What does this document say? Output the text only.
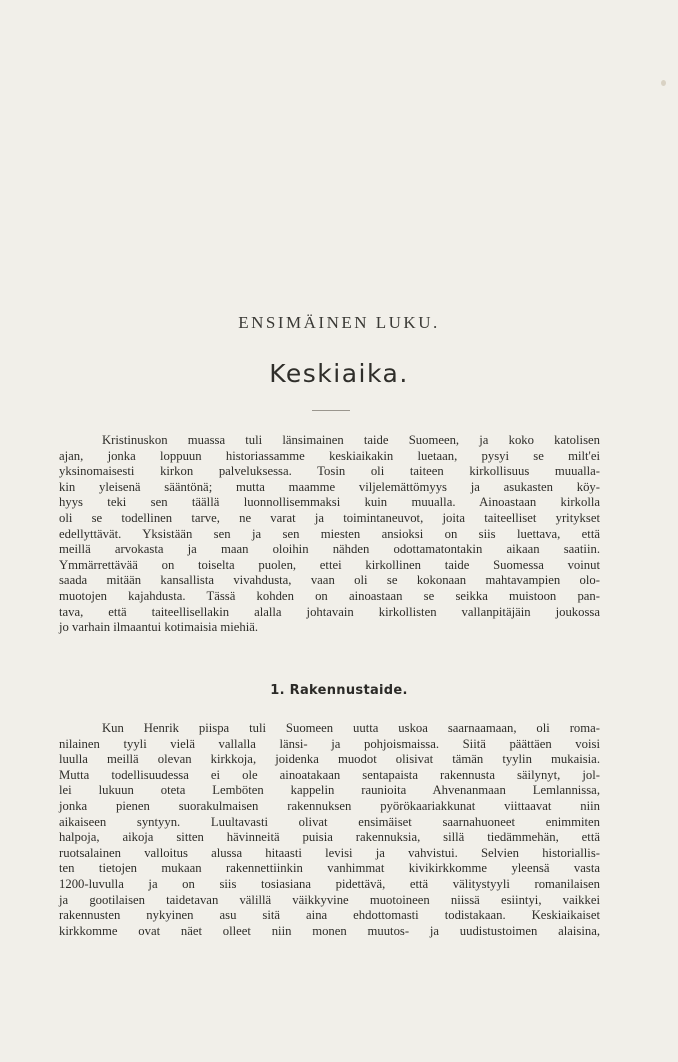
ENSIMÄINEN LUKU.
Keskiaika.
Kristinuskon muassa tuli länsimainen taide Suomeen, ja koko katolisen
ajan, jonka loppuun historiassamme keskiaikakin luetaan, pysyi se milt'ei
yksinomaisesti kirkon palveluksessa. Tosin oli taiteen kirkollisuus muualla-
kin yleisenä sääntönä; mutta maamme viljelemättömyys ja asukasten köy-
hyys teki sen täällä luonnollisemmaksi kuin muualla. Ainoastaan kirkolla
oli se todellinen tarve, ne varat ja toimintaneuvot, joita taiteelliset yritykset
edellyttävät. Yksistään sen ja sen miesten ansioksi on siis luettava, että
meillä arvokasta ja maan oloihin nähden odottamatontakin aikaan saatiin.
Ymmärrettävää on toiselta puolen, ettei kirkollinen taide Suomessa voinut
saada mitään kansallista vivahdusta, vaan oli se kokonaan mahtavampien olo-
muotojen kajahdusta. Tässä kohden on ainoastaan se seikka muistoon pan-
tava, että taiteellisellakin alalla johtavain kirkollisten vallanpitäjäin joukossa
jo varhain ilmaantui kotimaisia miehiä.
1. Rakennustaide.
Kun Henrik piispa tuli Suomeen uutta uskoa saarnaamaan, oli roma-
nilainen tyyli vielä vallalla länsi- ja pohjoismaissa. Siitä päättäen voisi
luulla meillä olevan kirkkoja, joidenka muodot olisivat tämän tyylin mukaisia.
Mutta todellisuudessa ei ole ainoatakaan sentapaista rakennusta säilynyt, jol-
lei lukuun oteta Lemböten kappelin raunioita Ahvenanmaan Lemlannissa,
jonka pienen suorakulmaisen rakennuksen pyörökaariakkunat viittaavat niin
aikaiseen syntyyn. Luultavasti olivat ensimäiset saarnahuoneet enimmiten
halpoja, aikoja sitten hävinneitä puisia rakennuksia, sillä tiedämmehän, että
ruotsalainen valloitus alussa hitaasti levisi ja vahvistui. Selvien historiallis-
ten tietojen mukaan rakennettiinkin vanhimmat kivikirkkomme yleensä vasta
1200-luvulla ja on siis tosiasiana pidettävä, että välitystyyli romanilaisen
ja gootilaisen taidetavan välillä väikkyvine muotoineen niissä esiintyi, vaikkei
rakennusten nykyinen asu sitä aina ehdottomasti todistakaan. Keskiaikaiset
kirkkomme ovat näet olleet niin monen muutos- ja uudistustoimen alaisina,
